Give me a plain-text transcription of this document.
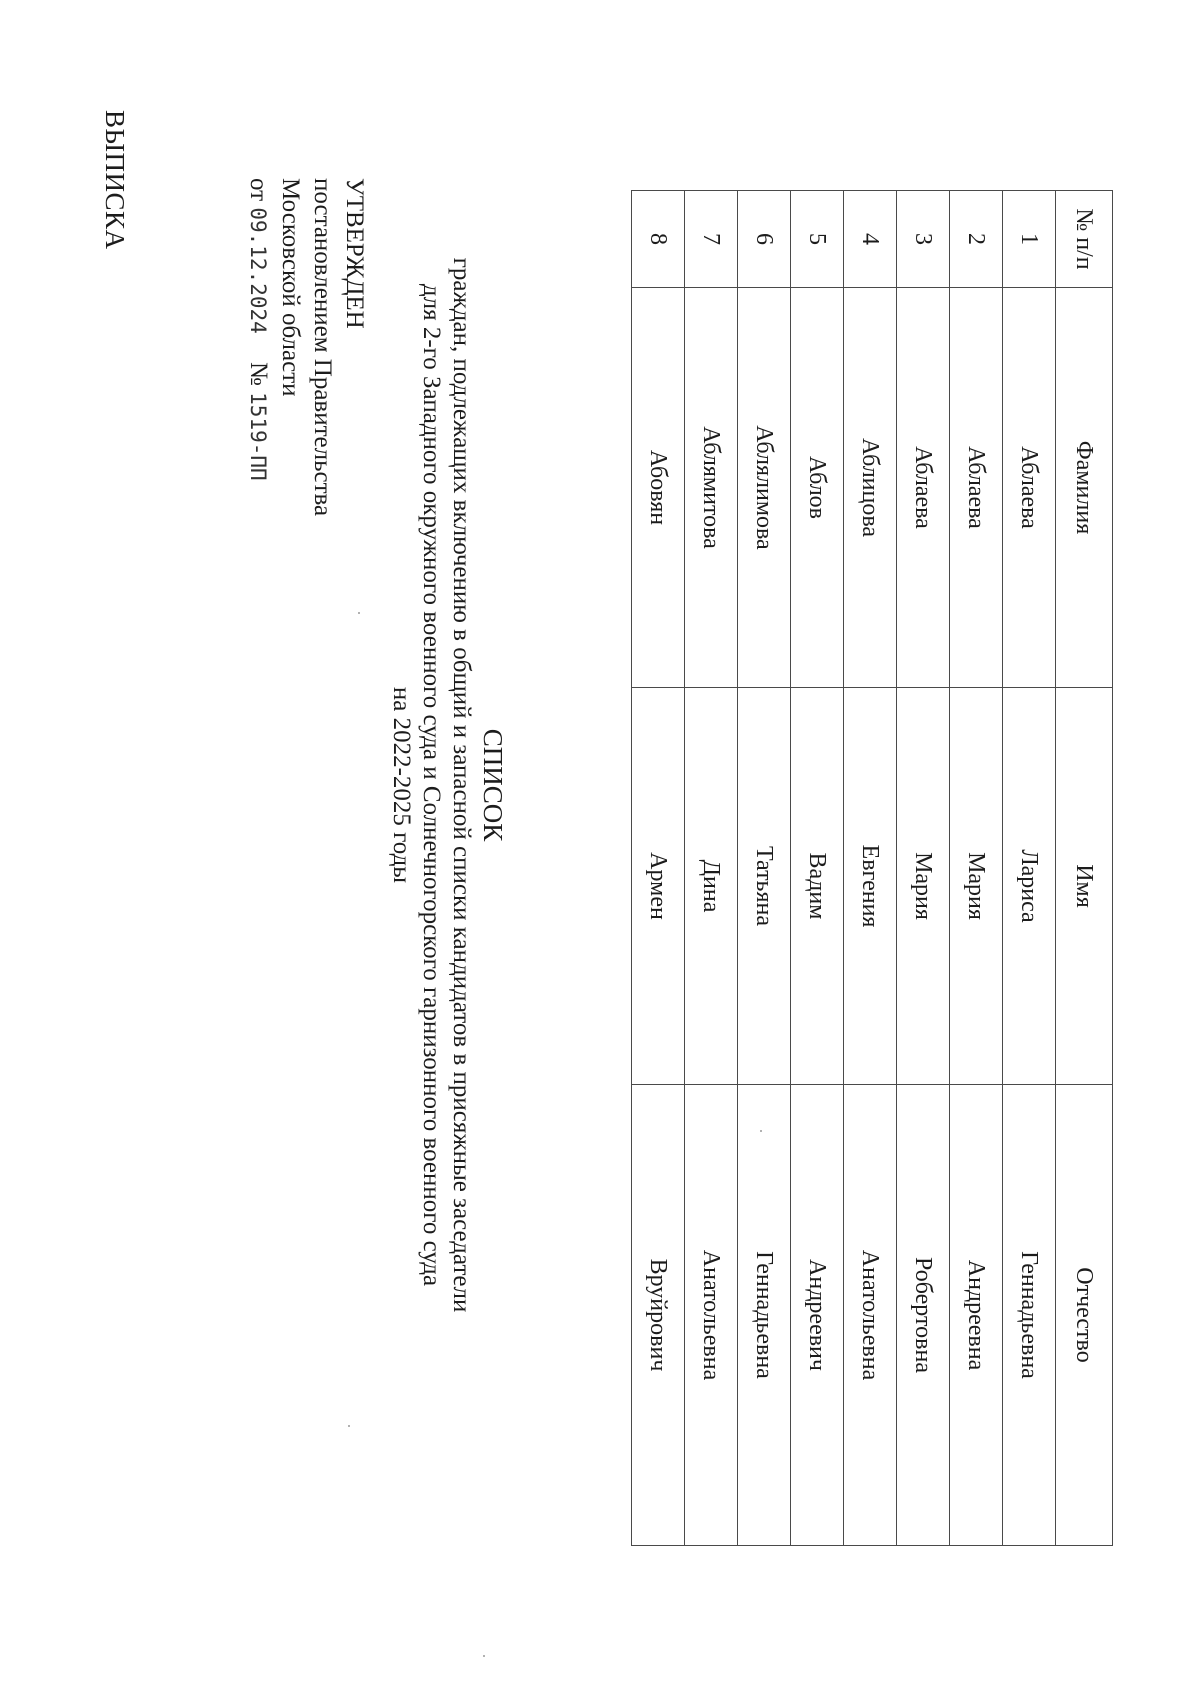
ВЫПИСКА	УТВЕРЖДЕН
постановлением Правительства
Московской области
от 09.12.2024 № 1519-ПП
СПИСОК
граждан, подлежащих включению в общий и запасной списки кандидатов в присяжные заседатели
для 2-го Западного окружного военного суда и Солнечногорского гарнизонного военного суда
на 2022-2025 годы
№ п/п	Фамилия	Имя	Отчество
1	Аблаева	Лариса	Геннадьевна
2	Аблаева	Мария	Андреевна
3	Аблаева	Мария	Робертовна
4	Аблицова	Евгения	Анатольевна
5	Аблов	Вадим	Андреевич
6	Аблялимова	Татьяна	Геннадьевна
7	Аблямитова	Дина	Анатольевна
8	Абовян	Армен	Вруйрович
